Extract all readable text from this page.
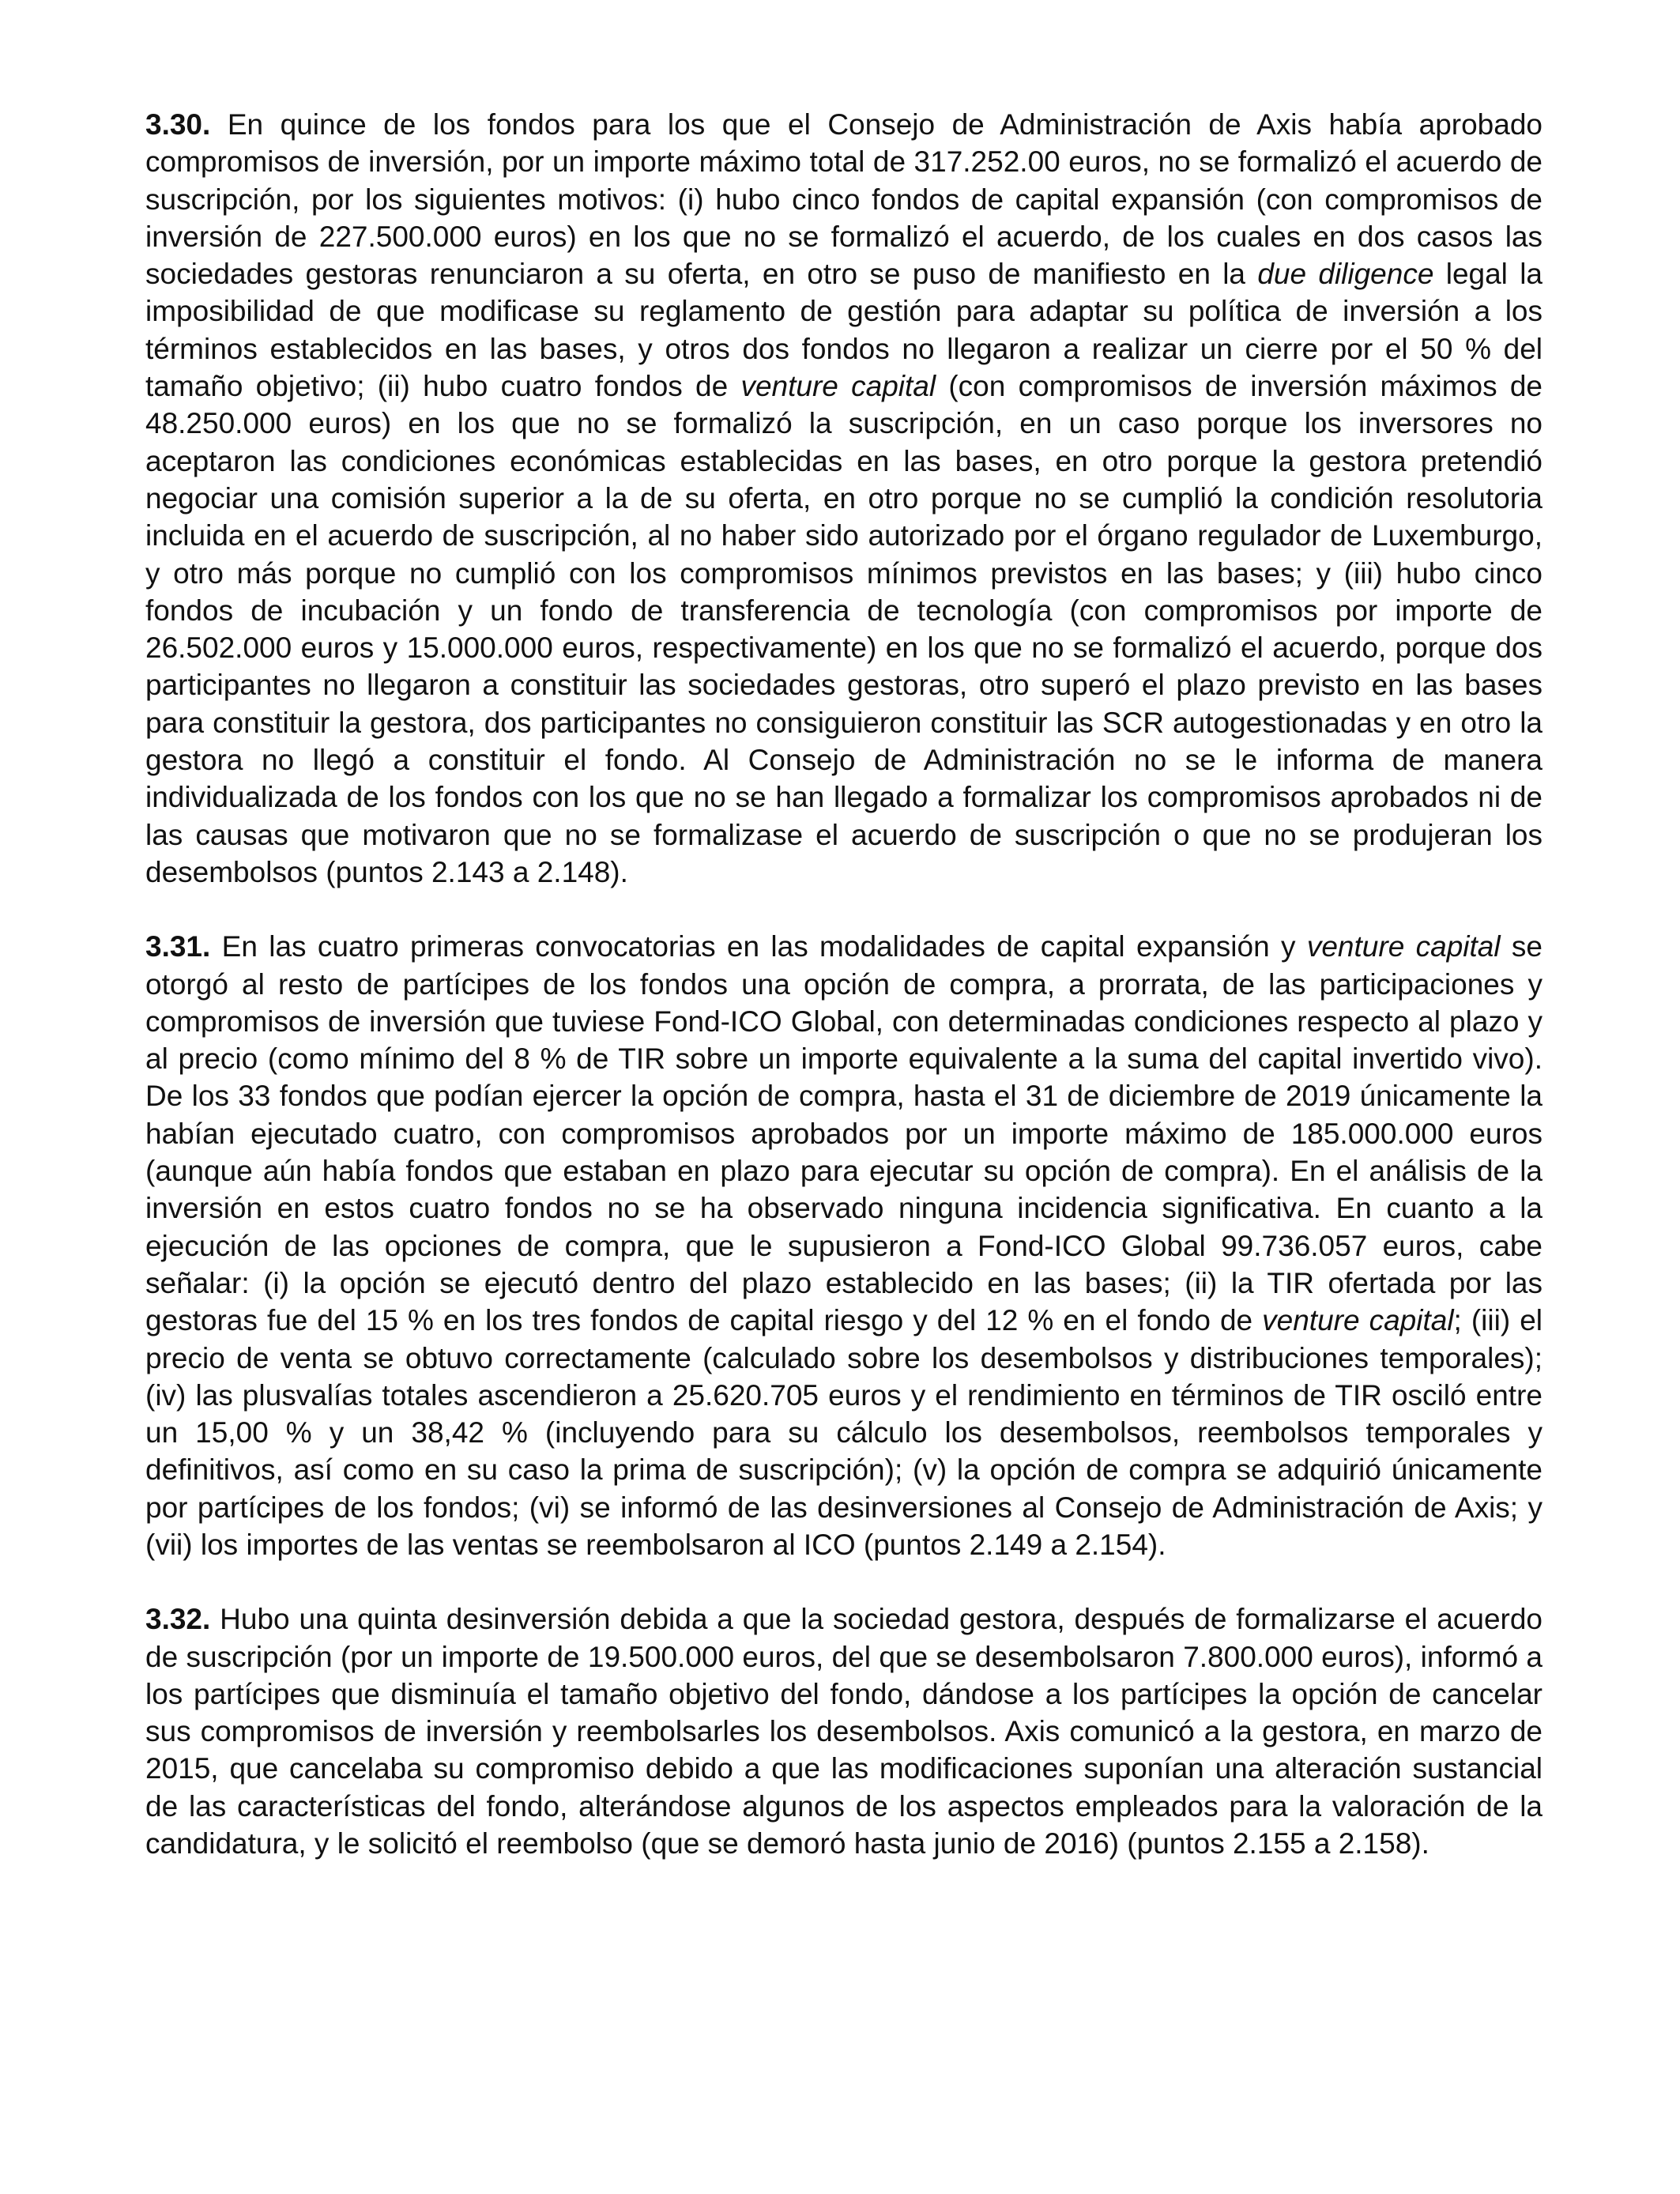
3.30. En quince de los fondos para los que el Consejo de Administración de Axis había aprobado compromisos de inversión, por un importe máximo total de 317.252.00 euros, no se formalizó el acuerdo de suscripción, por los siguientes motivos: (i) hubo cinco fondos de capital expansión (con compromisos de inversión de 227.500.000 euros) en los que no se formalizó el acuerdo, de los cuales en dos casos las sociedades gestoras renunciaron a su oferta, en otro se puso de manifiesto en la due diligence legal la imposibilidad de que modificase su reglamento de gestión para adaptar su política de inversión a los términos establecidos en las bases, y otros dos fondos no llegaron a realizar un cierre por el 50 % del tamaño objetivo; (ii) hubo cuatro fondos de venture capital (con compromisos de inversión máximos de 48.250.000 euros) en los que no se formalizó la suscripción, en un caso porque los inversores no aceptaron las condiciones económicas establecidas en las bases, en otro porque la gestora pretendió negociar una comisión superior a la de su oferta, en otro porque no se cumplió la condición resolutoria incluida en el acuerdo de suscripción, al no haber sido autorizado por el órgano regulador de Luxemburgo, y otro más porque no cumplió con los compromisos mínimos previstos en las bases; y (iii) hubo cinco fondos de incubación y un fondo de transferencia de tecnología (con compromisos por importe de 26.502.000 euros y 15.000.000 euros, respectivamente) en los que no se formalizó el acuerdo, porque dos participantes no llegaron a constituir las sociedades gestoras, otro superó el plazo previsto en las bases para constituir la gestora, dos participantes no consiguieron constituir las SCR autogestionadas y en otro la gestora no llegó a constituir el fondo. Al Consejo de Administración no se le informa de manera individualizada de los fondos con los que no se han llegado a formalizar los compromisos aprobados ni de las causas que motivaron que no se formalizase el acuerdo de suscripción o que no se produjeran los desembolsos (puntos 2.143 a 2.148).

3.31. En las cuatro primeras convocatorias en las modalidades de capital expansión y venture capital se otorgó al resto de partícipes de los fondos una opción de compra, a prorrata, de las participaciones y compromisos de inversión que tuviese Fond-ICO Global, con determinadas condiciones respecto al plazo y al precio (como mínimo del 8 % de TIR sobre un importe equivalente a la suma del capital invertido vivo). De los 33 fondos que podían ejercer la opción de compra, hasta el 31 de diciembre de 2019 únicamente la habían ejecutado cuatro, con compromisos aprobados por un importe máximo de 185.000.000 euros (aunque aún había fondos que estaban en plazo para ejecutar su opción de compra). En el análisis de la inversión en estos cuatro fondos no se ha observado ninguna incidencia significativa. En cuanto a la ejecución de las opciones de compra, que le supusieron a Fond-ICO Global 99.736.057 euros, cabe señalar: (i) la opción se ejecutó dentro del plazo establecido en las bases; (ii) la TIR ofertada por las gestoras fue del 15 % en los tres fondos de capital riesgo y del 12 % en el fondo de venture capital; (iii) el precio de venta se obtuvo correctamente (calculado sobre los desembolsos y distribuciones temporales); (iv) las plusvalías totales ascendieron a 25.620.705 euros y el rendimiento en términos de TIR osciló entre un 15,00 % y un 38,42 % (incluyendo para su cálculo los desembolsos, reembolsos temporales y definitivos, así como en su caso la prima de suscripción); (v) la opción de compra se adquirió únicamente por partícipes de los fondos; (vi) se informó de las desinversiones al Consejo de Administración de Axis; y (vii) los importes de las ventas se reembolsaron al ICO (puntos 2.149 a 2.154).

3.32. Hubo una quinta desinversión debida a que la sociedad gestora, después de formalizarse el acuerdo de suscripción (por un importe de 19.500.000 euros, del que se desembolsaron 7.800.000 euros), informó a los partícipes que disminuía el tamaño objetivo del fondo, dándose a los partícipes la opción de cancelar sus compromisos de inversión y reembolsarles los desembolsos. Axis comunicó a la gestora, en marzo de 2015, que cancelaba su compromiso debido a que las modificaciones suponían una alteración sustancial de las características del fondo, alterándose algunos de los aspectos empleados para la valoración de la candidatura, y le solicitó el reembolso (que se demoró hasta junio de 2016) (puntos 2.155 a 2.158).
